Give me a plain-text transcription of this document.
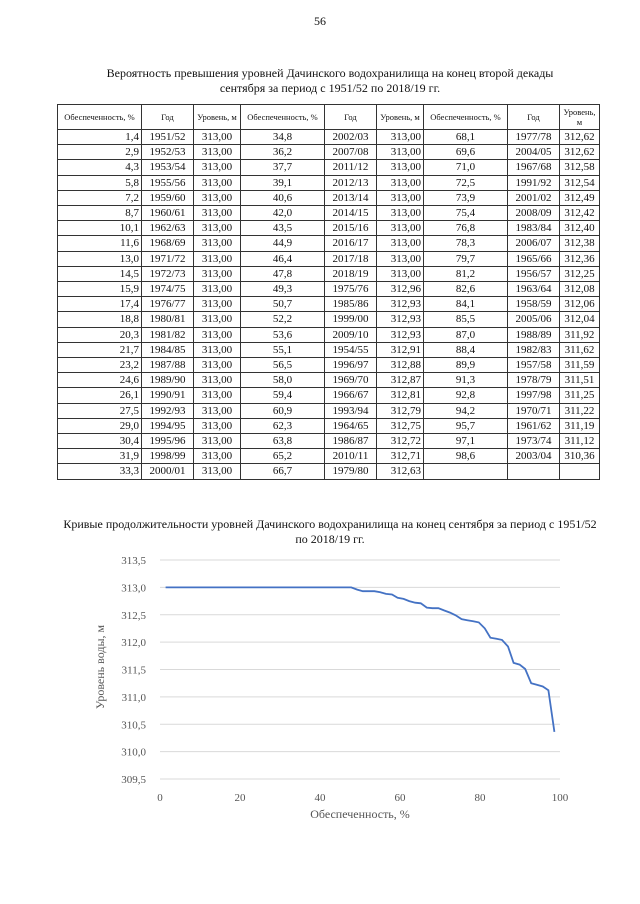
56
Вероятность превышения уровней Дачинского водохранилища на конец второй декады
сентября за период с 1951/52 по 2018/19 гг.
Обеспеченность, %	Год	Уровень, м	Обеспеченность, %	Год	Уровень, м	Обеспеченность, %	Год	Уровень, м
1,4	1951/52	313,00	34,8	2002/03	313,00	68,1	1977/78	312,62
2,9	1952/53	313,00	36,2	2007/08	313,00	69,6	2004/05	312,62
4,3	1953/54	313,00	37,7	2011/12	313,00	71,0	1967/68	312,58
5,8	1955/56	313,00	39,1	2012/13	313,00	72,5	1991/92	312,54
7,2	1959/60	313,00	40,6	2013/14	313,00	73,9	2001/02	312,49
8,7	1960/61	313,00	42,0	2014/15	313,00	75,4	2008/09	312,42
10,1	1962/63	313,00	43,5	2015/16	313,00	76,8	1983/84	312,40
11,6	1968/69	313,00	44,9	2016/17	313,00	78,3	2006/07	312,38
13,0	1971/72	313,00	46,4	2017/18	313,00	79,7	1965/66	312,36
14,5	1972/73	313,00	47,8	2018/19	313,00	81,2	1956/57	312,25
15,9	1974/75	313,00	49,3	1975/76	312,96	82,6	1963/64	312,08
17,4	1976/77	313,00	50,7	1985/86	312,93	84,1	1958/59	312,06
18,8	1980/81	313,00	52,2	1999/00	312,93	85,5	2005/06	312,04
20,3	1981/82	313,00	53,6	2009/10	312,93	87,0	1988/89	311,92
21,7	1984/85	313,00	55,1	1954/55	312,91	88,4	1982/83	311,62
23,2	1987/88	313,00	56,5	1996/97	312,88	89,9	1957/58	311,59
24,6	1989/90	313,00	58,0	1969/70	312,87	91,3	1978/79	311,51
26,1	1990/91	313,00	59,4	1966/67	312,81	92,8	1997/98	311,25
27,5	1992/93	313,00	60,9	1993/94	312,79	94,2	1970/71	311,22
29,0	1994/95	313,00	62,3	1964/65	312,75	95,7	1961/62	311,19
30,4	1995/96	313,00	63,8	1986/87	312,72	97,1	1973/74	311,12
31,9	1998/99	313,00	65,2	2010/11	312,71	98,6	2003/04	310,36
33,3	2000/01	313,00	66,7	1979/80	312,63			
Кривые продолжительности уровней Дачинского водохранилища на конец сентября за период с 1951/52 по 2018/19 гг.
309,5
310,0
310,5
311,0
311,5
312,0
312,5
313,0
313,5
0	20	40	60	80	100
Уровень воды, м
Обеспеченность, %
